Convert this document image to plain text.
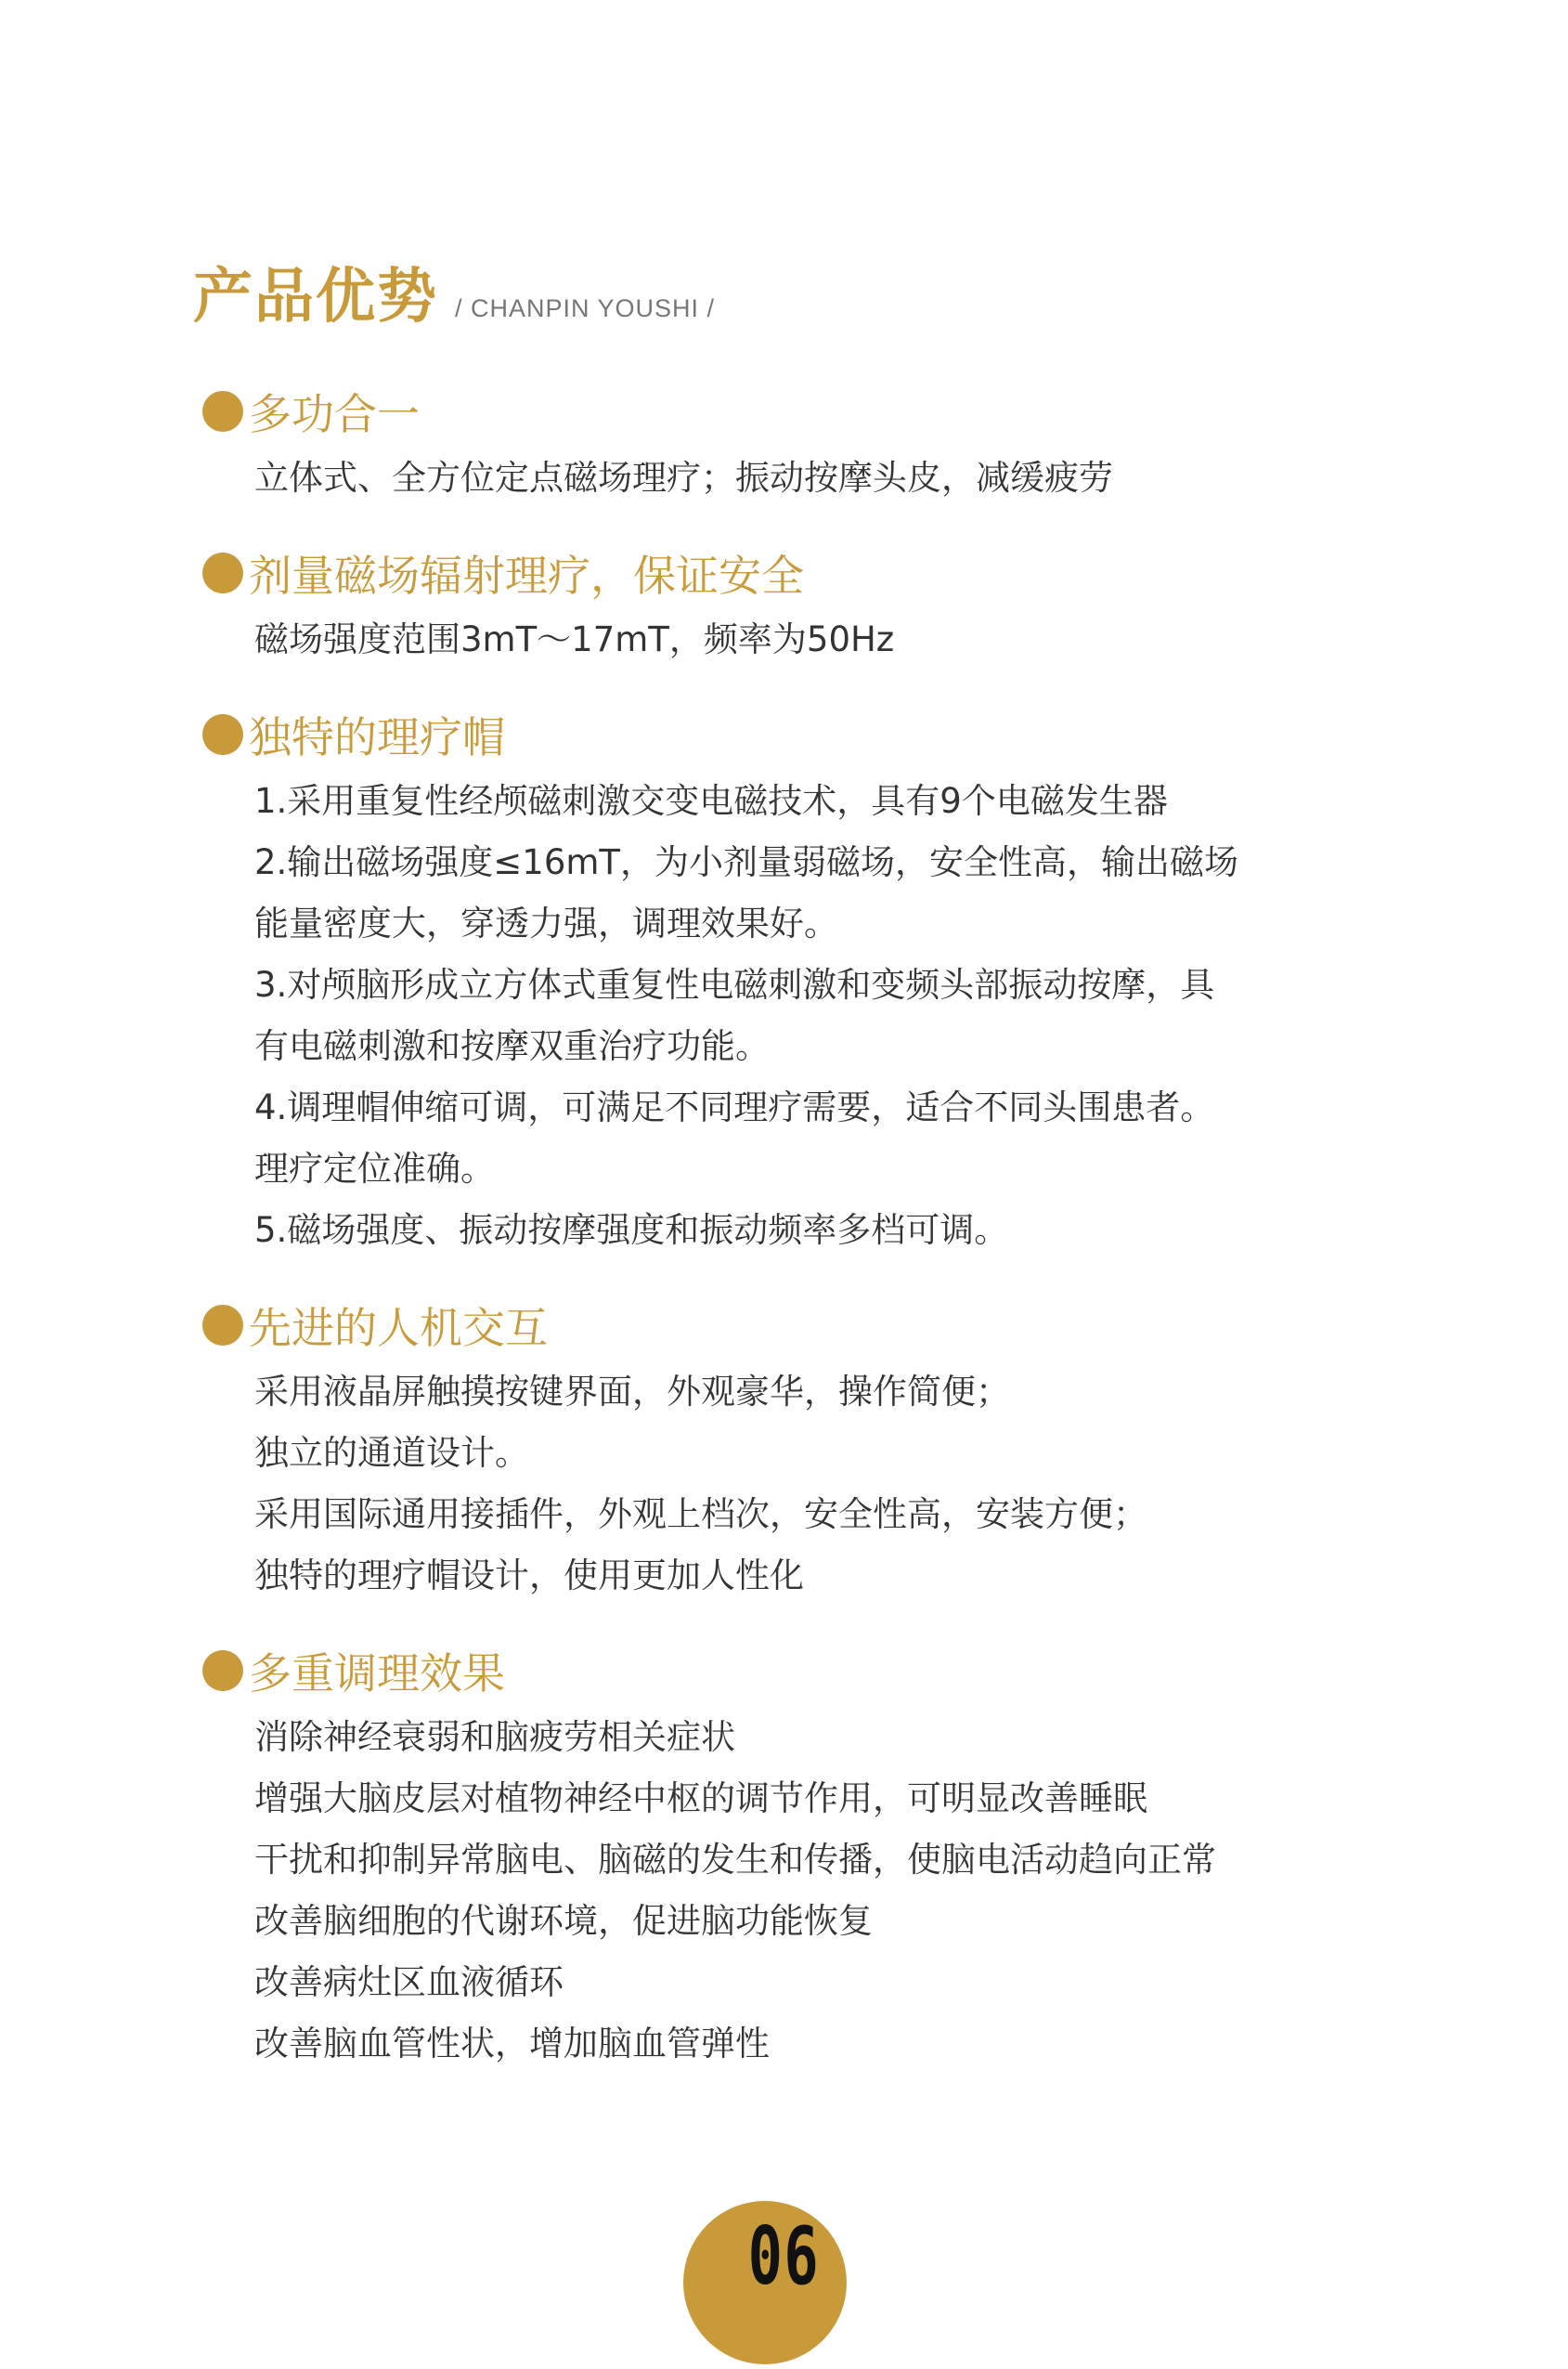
产品优势 / CHANPIN YOUSHI /
多功合一
立体式、全方位定点磁场理疗；振动按摩头皮，减缓疲劳
剂量磁场辐射理疗，保证安全
磁场强度范围3mT～17mT，频率为50Hz
独特的理疗帽
1.采用重复性经颅磁刺激交变电磁技术，具有9个电磁发生器
2.输出磁场强度≤16mT，为小剂量弱磁场，安全性高，输出磁场
能量密度大，穿透力强，调理效果好。
3.对颅脑形成立方体式重复性电磁刺激和变频头部振动按摩，具
有电磁刺激和按摩双重治疗功能。
4.调理帽伸缩可调，可满足不同理疗需要，适合不同头围患者。
理疗定位准确。
5.磁场强度、振动按摩强度和振动频率多档可调。
先进的人机交互
采用液晶屏触摸按键界面，外观豪华，操作简便；
独立的通道设计。
采用国际通用接插件，外观上档次，安全性高，安装方便；
独特的理疗帽设计，使用更加人性化
多重调理效果
消除神经衰弱和脑疲劳相关症状
增强大脑皮层对植物神经中枢的调节作用，可明显改善睡眠
干扰和抑制异常脑电、脑磁的发生和传播，使脑电活动趋向正常
改善脑细胞的代谢环境，促进脑功能恢复
改善病灶区血液循环
改善脑血管性状，增加脑血管弹性
06
